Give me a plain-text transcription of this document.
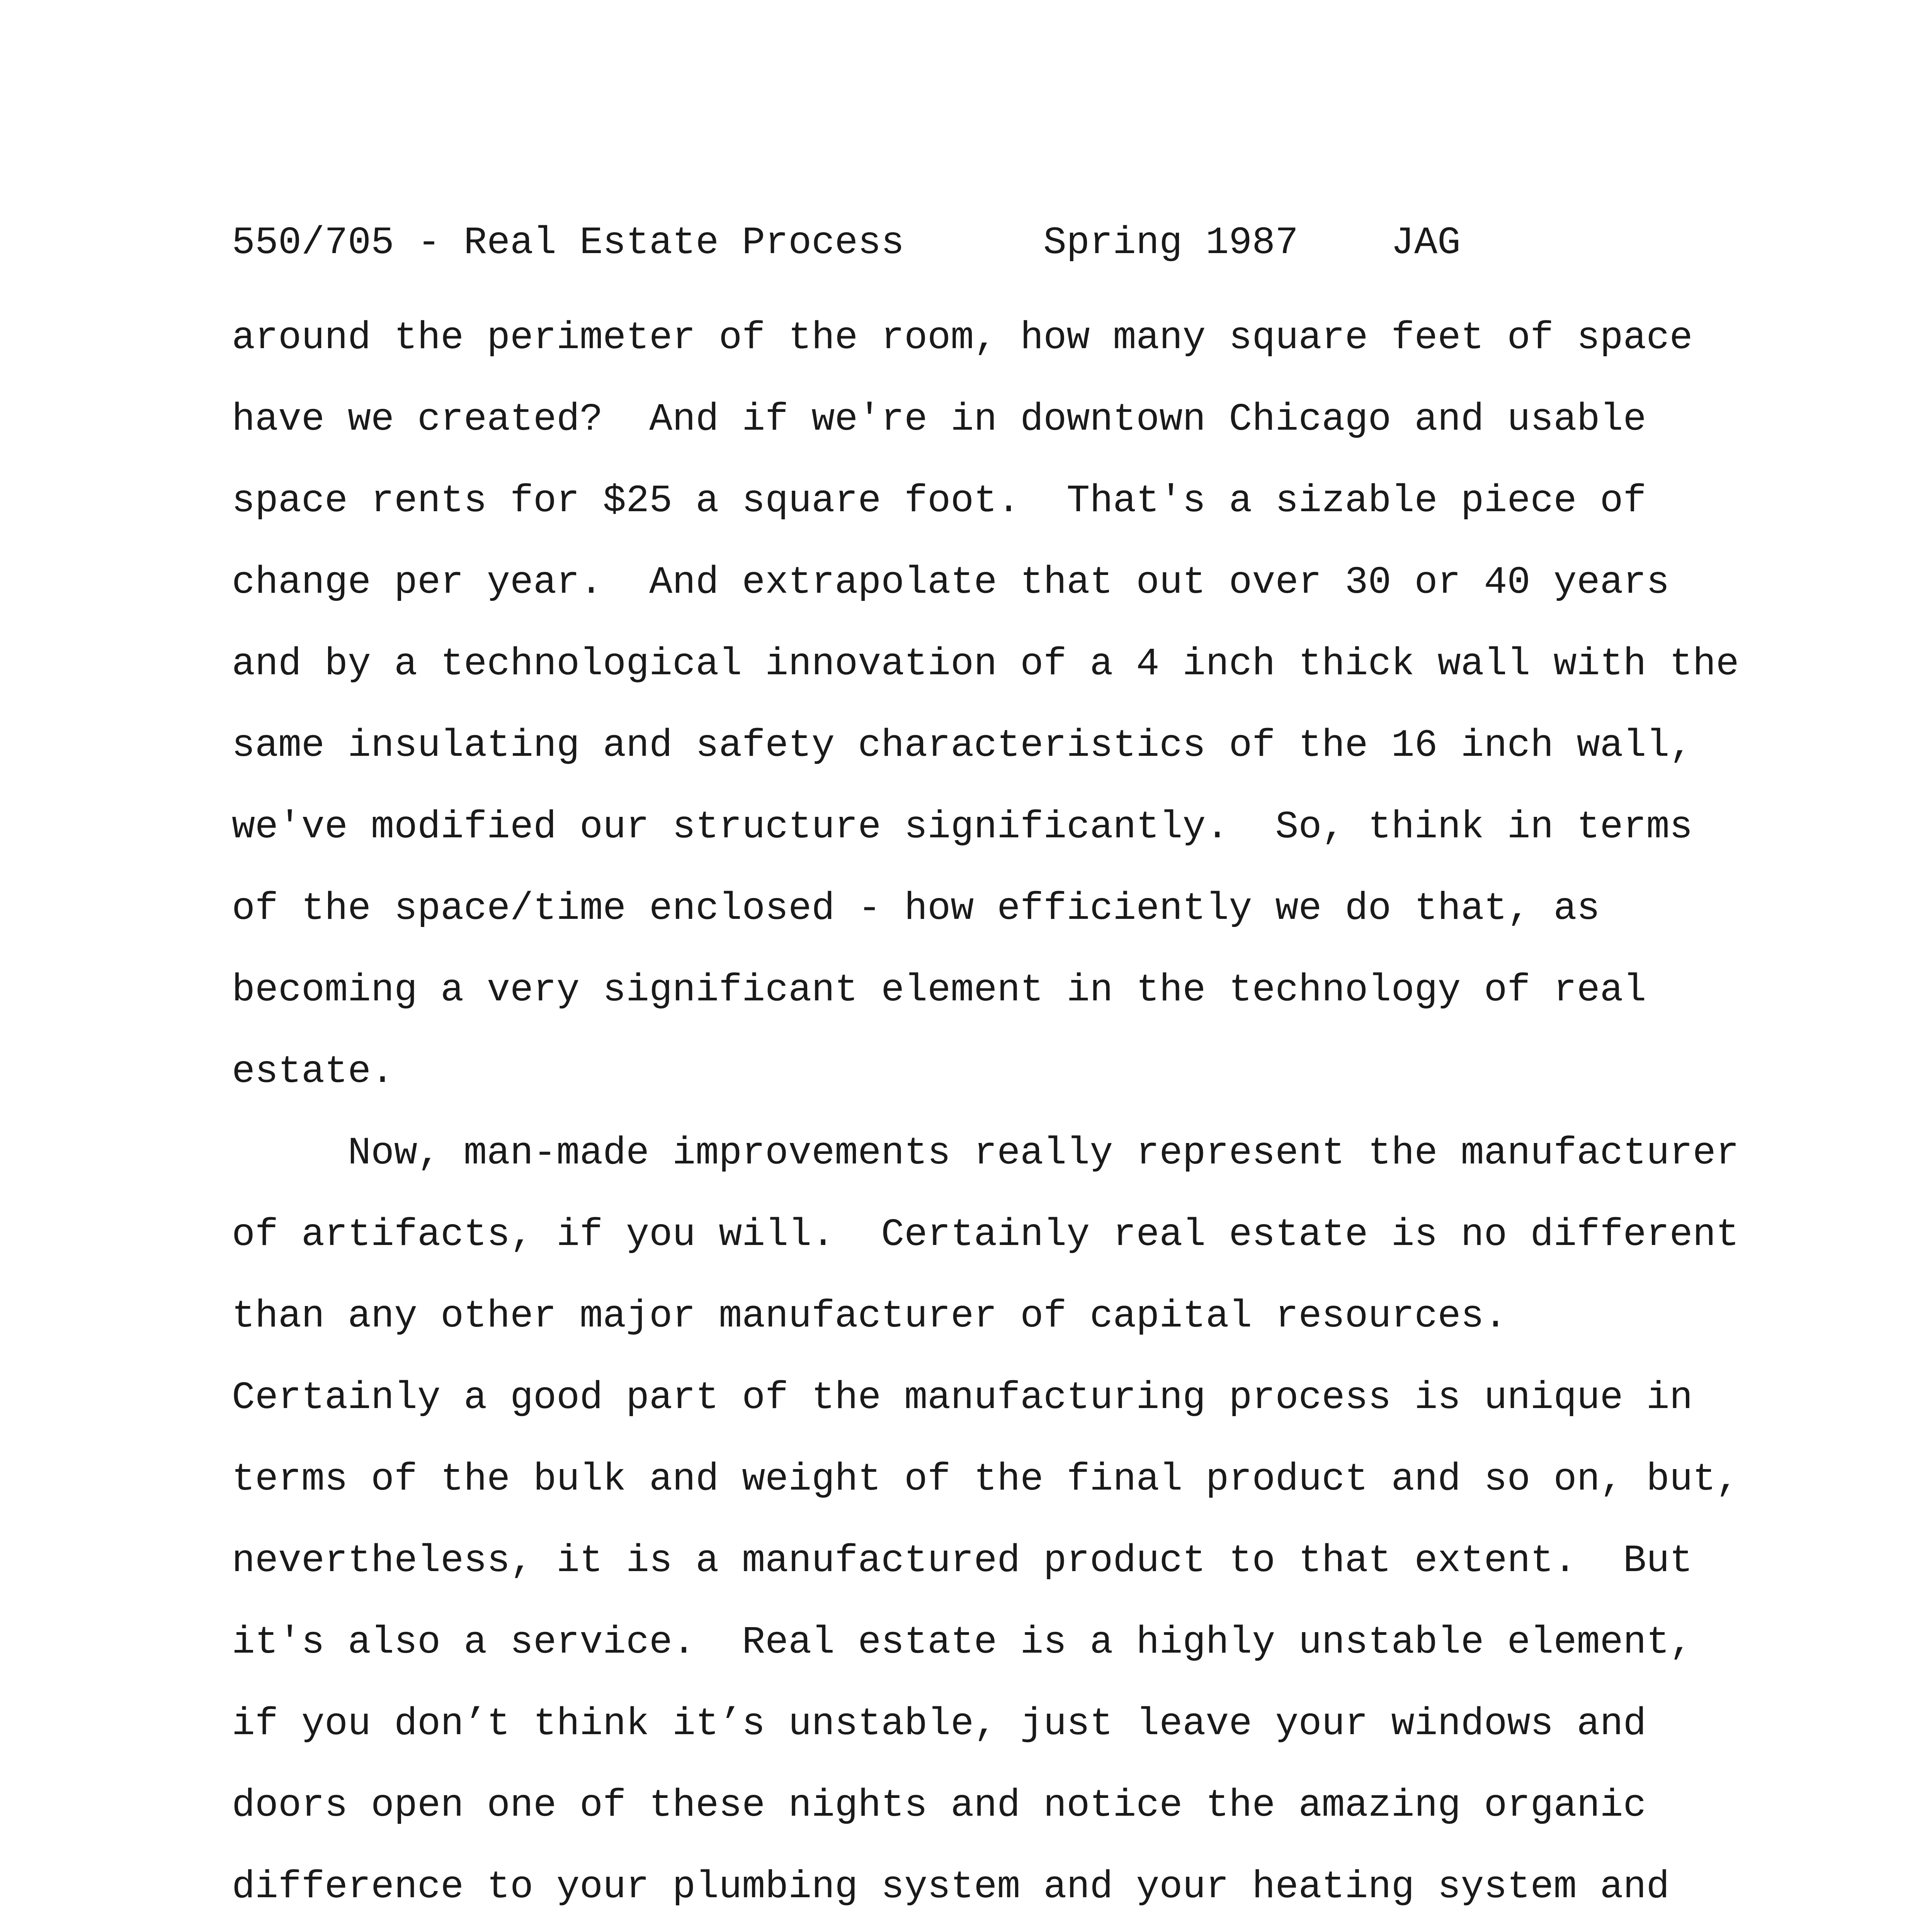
550/705 - Real Estate Process	Spring 1987	JAG
around the perimeter of the room, how many square feet of space
have we created?  And if we're in downtown Chicago and usable
space rents for $25 a square foot.  That's a sizable piece of
change per year.  And extrapolate that out over 30 or 40 years
and by a technological innovation of a 4 inch thick wall with the
same insulating and safety characteristics of the 16 inch wall,
we've modified our structure significantly.  So, think in terms
of the space/time enclosed - how efficiently we do that, as
becoming a very significant element in the technology of real
estate.
Now, man-made improvements really represent the manufacturer
of artifacts, if you will.  Certainly real estate is no different
than any other major manufacturer of capital resources.
Certainly a good part of the manufacturing process is unique in
terms of the bulk and weight of the final product and so on, but,
nevertheless, it is a manufactured product to that extent.  But
it's also a service.  Real estate is a highly unstable element,
if you don’t think it’s unstable, just leave your windows and
doors open one of these nights and notice the amazing organic
difference to your plumbing system and your heating system and
